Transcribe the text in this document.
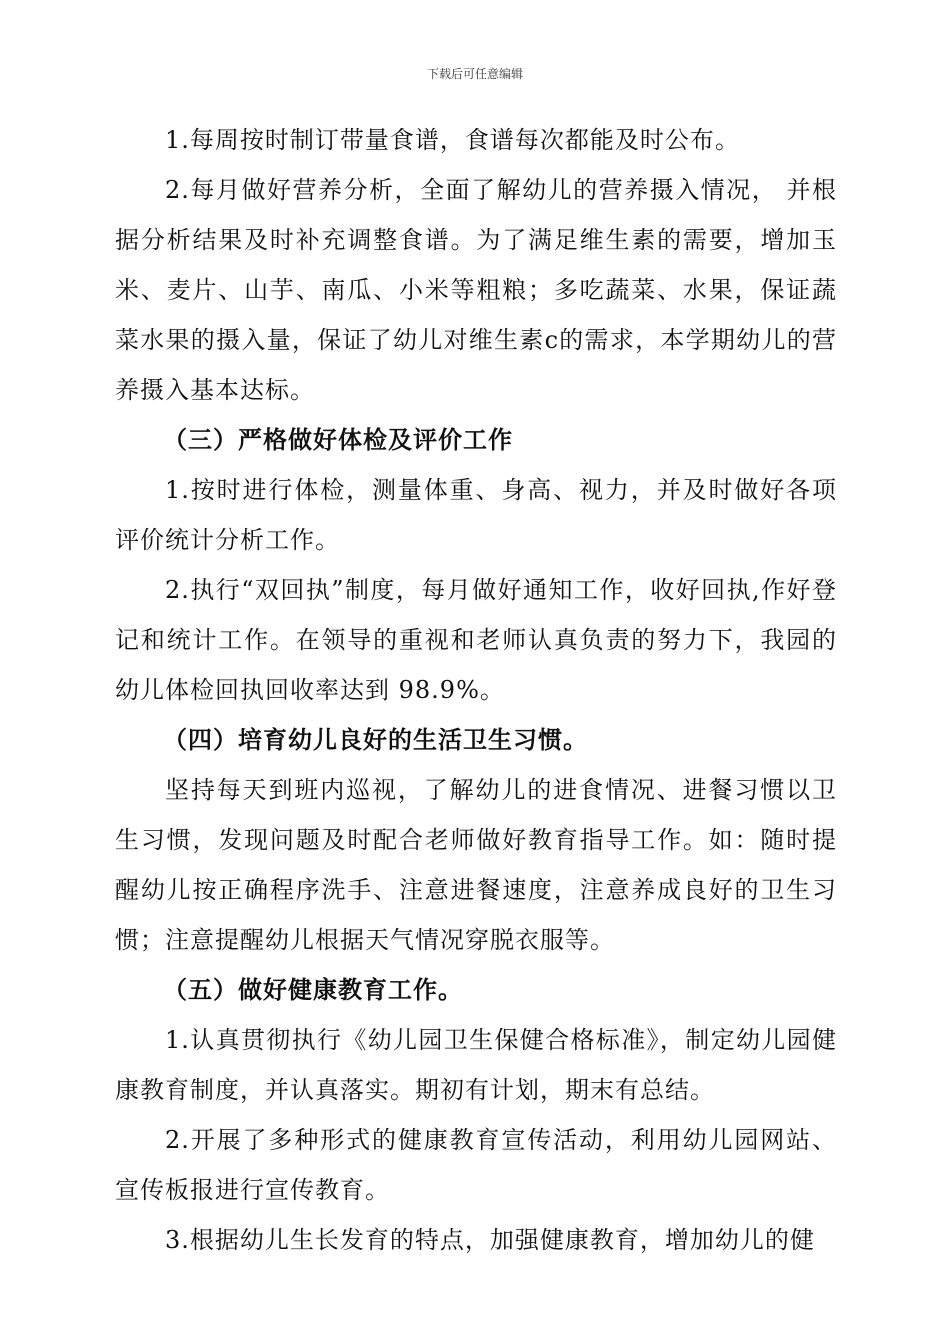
下载后可任意编辑

1.每周按时制订带量食谱，食谱每次都能及时公布。

2.每月做好营养分析，全面了解幼儿的营养摄入情况， 并根据分析结果及时补充调整食谱。为了满足维生素的需要，增加玉米、麦片、山芋、南瓜、小米等粗粮；多吃蔬菜、水果，保证蔬菜水果的摄入量，保证了幼儿对维生素c的需求，本学期幼儿的营养摄入基本达标。

（三）严格做好体检及评价工作

1.按时进行体检，测量体重、身高、视力，并及时做好各项评价统计分析工作。

2.执行“双回执”制度，每月做好通知工作，收好回执,作好登记和统计工作。在领导的重视和老师认真负责的努力下，我园的幼儿体检回执回收率达到 98.9%。

（四）培育幼儿良好的生活卫生习惯。

坚持每天到班内巡视，了解幼儿的进食情况、进餐习惯以卫生习惯，发现问题及时配合老师做好教育指导工作。如：随时提醒幼儿按正确程序洗手、注意进餐速度，注意养成良好的卫生习惯；注意提醒幼儿根据天气情况穿脱衣服等。

（五）做好健康教育工作。

1.认真贯彻执行《幼儿园卫生保健合格标准》，制定幼儿园健康教育制度，并认真落实。期初有计划，期末有总结。

2.开展了多种形式的健康教育宣传活动，利用幼儿园网站、宣传板报进行宣传教育。

3.根据幼儿生长发育的特点，加强健康教育，增加幼儿的健
